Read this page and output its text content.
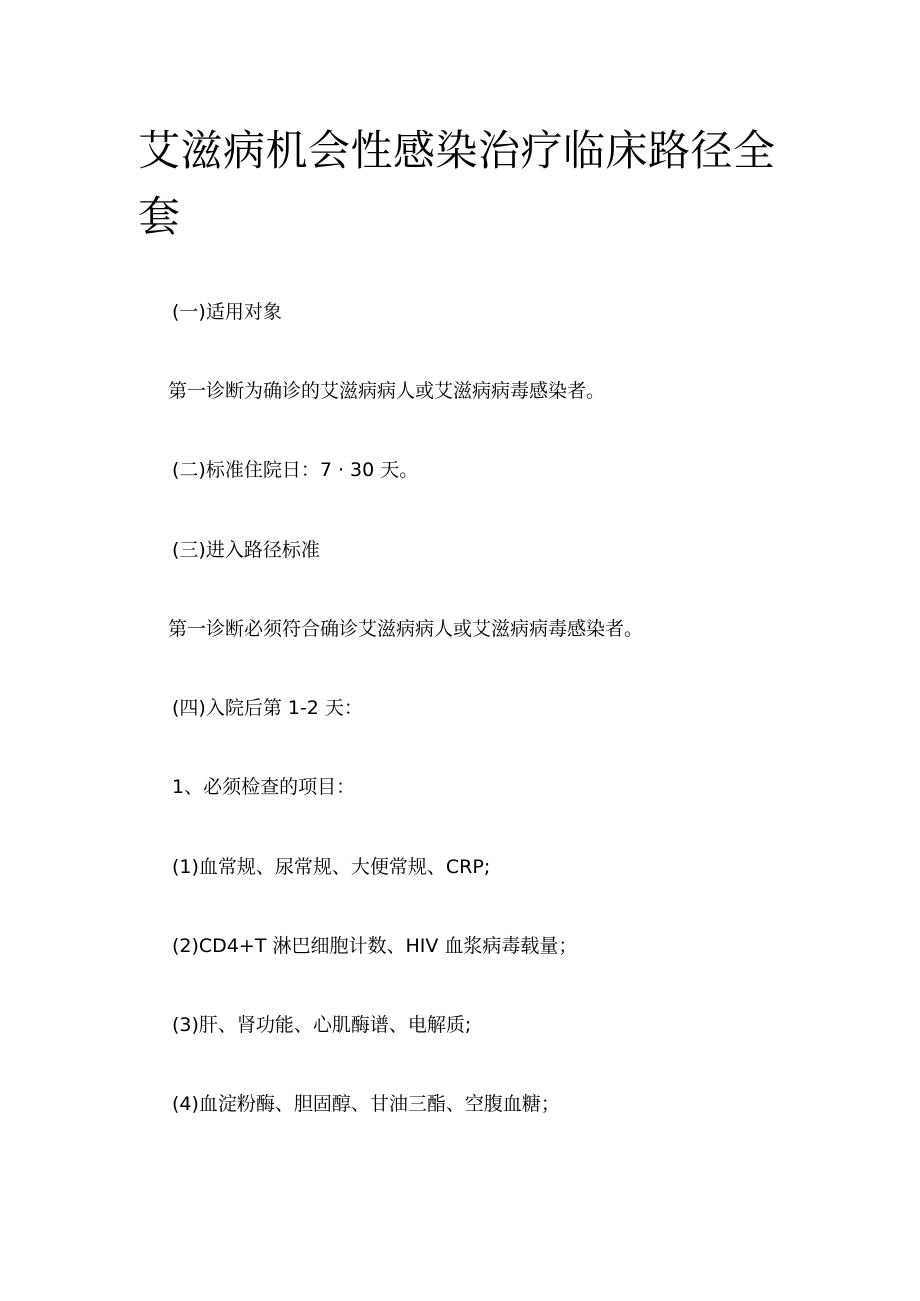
艾滋病机会性感染治疗临床路径全套

(一)适用对象

第一诊断为确诊的艾滋病病人或艾滋病病毒感染者。

(二)标准住院日：7 · 30 天。

(三)进入路径标准

第一诊断必须符合确诊艾滋病病人或艾滋病病毒感染者。

(四)入院后第 1-2 天：

1、必须检查的项目：

(1)血常规、尿常规、大便常规、CRP;

(2)CD4+T 淋巴细胞计数、HIV 血浆病毒载量；

(3)肝、肾功能、心肌酶谱、电解质;

(4)血淀粉酶、胆固醇、甘油三酯、空腹血糖；
